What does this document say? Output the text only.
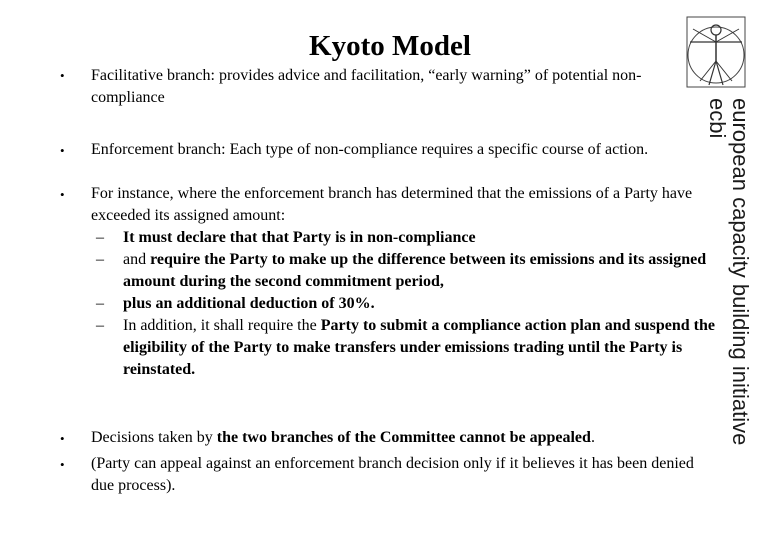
Kyoto Model
european capacity building initiative
ecbi
• Facilitative branch: provides advice and facilitation, “early warning” of potential non-compliance
• Enforcement branch: Each type of non-compliance requires a specific course of action.
• For instance, where the enforcement branch has determined that the emissions of a Party have exceeded its assigned amount:
– It must declare that that Party is in non-compliance
– and require the Party to make up the difference between its emissions and its assigned amount during the second commitment period,
– plus an additional deduction of 30%.
– In addition, it shall require the Party to submit a compliance action plan and suspend the eligibility of the Party to make transfers under emissions trading until the Party is reinstated.
• Decisions taken by the two branches of the Committee cannot be appealed.
• (Party can appeal against an enforcement branch decision only if it believes it has been denied due process).
